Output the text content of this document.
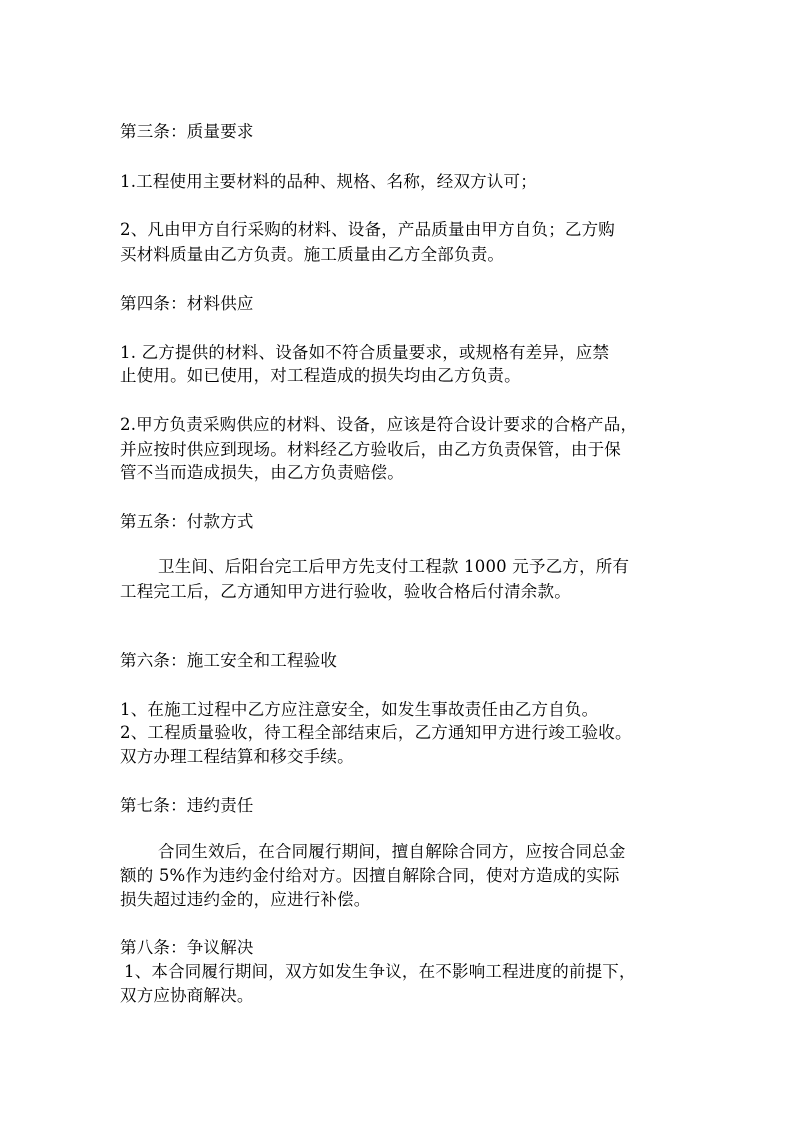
第三条：质量要求
1.工程使用主要材料的品种、规格、名称，经双方认可；
2、凡由甲方自行采购的材料、设备，产品质量由甲方自负；乙方购
买材料质量由乙方负责。施工质量由乙方全部负责。
第四条：材料供应
1. 乙方提供的材料、设备如不符合质量要求，或规格有差异，应禁
止使用。如已使用，对工程造成的损失均由乙方负责。
2.甲方负责采购供应的材料、设备，应该是符合设计要求的合格产品，
并应按时供应到现场。材料经乙方验收后，由乙方负责保管，由于保
管不当而造成损失，由乙方负责赔偿。
第五条：付款方式
卫生间、后阳台完工后甲方先支付工程款 1000 元予乙方，所有
工程完工后，乙方通知甲方进行验收，验收合格后付清余款。
第六条：施工安全和工程验收
1、在施工过程中乙方应注意安全，如发生事故责任由乙方自负。
2、工程质量验收，待工程全部结束后，乙方通知甲方进行竣工验收。
双方办理工程结算和移交手续。
第七条：违约责任
合同生效后，在合同履行期间，擅自解除合同方，应按合同总金
额的 5%作为违约金付给对方。因擅自解除合同，使对方造成的实际
损失超过违约金的，应进行补偿。
第八条：争议解决
1、本合同履行期间，双方如发生争议，在不影响工程进度的前提下，
双方应协商解决。
